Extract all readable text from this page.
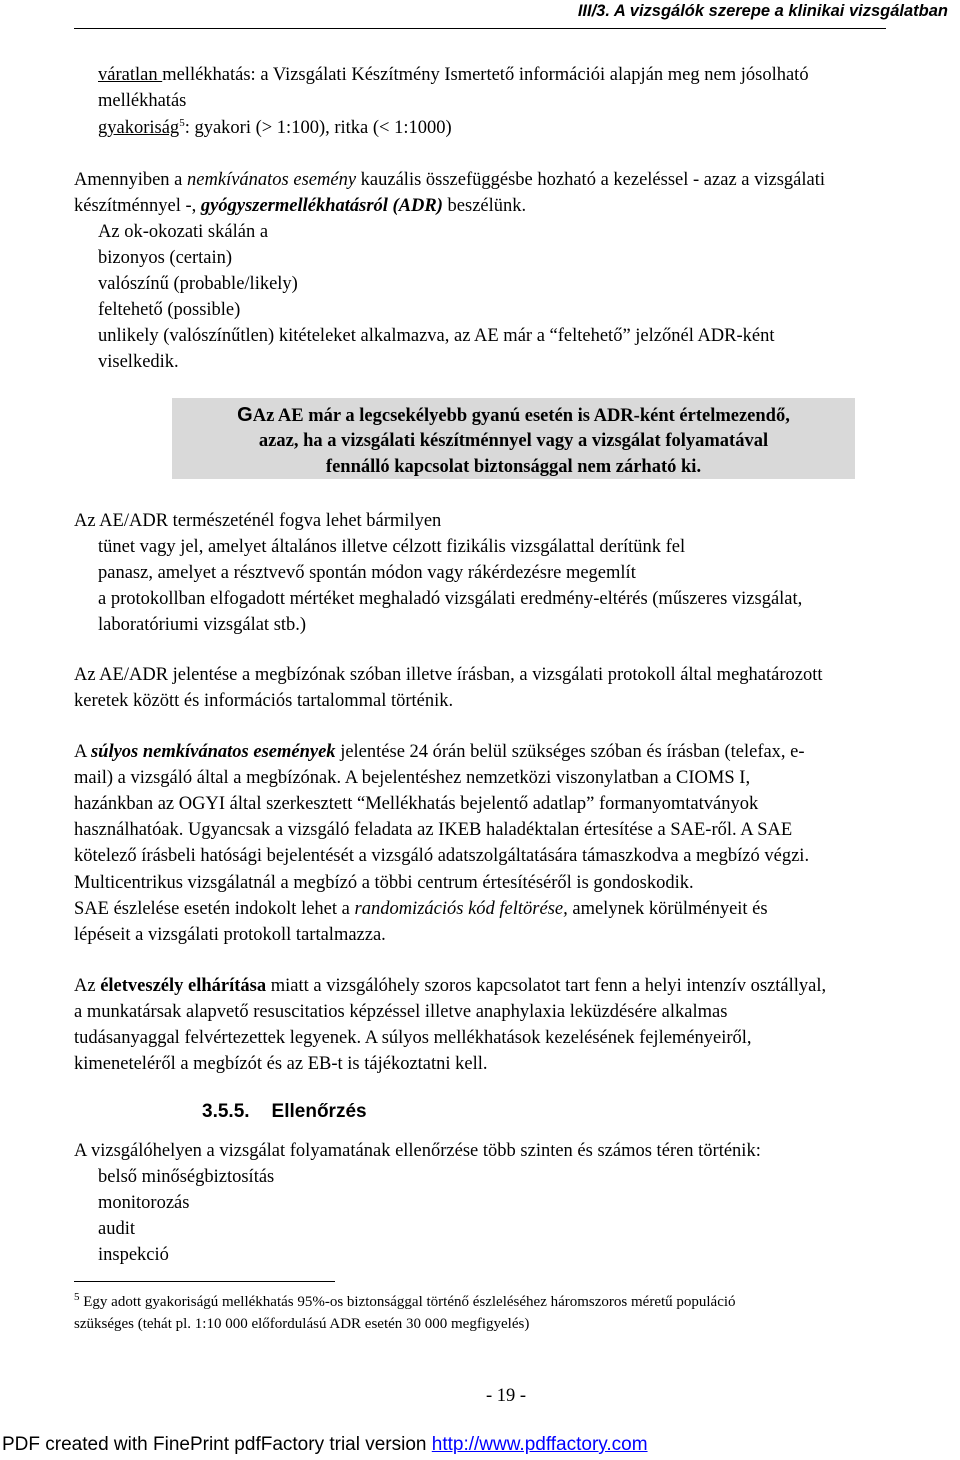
III/3. A vizsgálók szerepe a klinikai vizsgálatban
váratlan mellékhatás: a Vizsgálati Készítmény Ismertető információi alapján meg nem jósolható
mellékhatás
gyakoriság$^5$: gyakori (> 1:100), ritka (< 1:1000)
Amennyiben a nemkívánatos esemény kauzális összefüggésbe hozható a kezeléssel - azaz a vizsgálati
készítménnyel -, gyógyszermellékhatásról (ADR) beszélünk.
Az ok-okozati skálán a
bizonyos (certain)
valószínű (probable/likely)
feltehető (possible)
unlikely (valószínűtlen) kitételeket alkalmazva, az AE már a “feltehető” jelzőnél ADR-ként
viselkedik.
GAz AE már a legcsekélyebb gyanú esetén is ADR-ként értelmezendő,
azaz, ha a vizsgálati készítménnyel vagy a vizsgálat folyamatával
fennálló kapcsolat biztonsággal nem zárható ki.
Az AE/ADR természeténél fogva lehet bármilyen
tünet vagy jel, amelyet általános illetve célzott fizikális vizsgálattal derítünk fel
panasz, amelyet a résztvevő spontán módon vagy rákérdezésre megemlít
a protokollban elfogadott mértéket meghaladó vizsgálati eredmény-eltérés (műszeres vizsgálat,
laboratóriumi vizsgálat stb.)
Az AE/ADR jelentése a megbízónak szóban illetve írásban, a vizsgálati protokoll által meghatározott
keretek között és információs tartalommal történik.
A súlyos nemkívánatos események jelentése 24 órán belül szükséges szóban és írásban (telefax, e-
mail) a vizsgáló által a megbízónak. A bejelentéshez nemzetközi viszonylatban a CIOMS I,
hazánkban az OGYI által szerkesztett “Mellékhatás bejelentő adatlap” formanyomtatványok
használhatóak. Ugyancsak a vizsgáló feladata az IKEB haladéktalan értesítése a SAE-ről. A SAE
kötelező írásbeli hatósági bejelentését a vizsgáló adatszolgáltatására támaszkodva a megbízó végzi.
Multicentrikus vizsgálatnál a megbízó a többi centrum értesítéséről is gondoskodik.
SAE észlelése esetén indokolt lehet a randomizációs kód feltörése, amelynek körülményeit és
lépéseit a vizsgálati protokoll tartalmazza.
Az életveszély elhárítása miatt a vizsgálóhely szoros kapcsolatot tart fenn a helyi intenzív osztállyal,
a munkatársak alapvető resuscitatios képzéssel illetve anaphylaxia leküzdésére alkalmas
tudásanyaggal felvértezettek legyenek. A súlyos mellékhatások kezelésének fejleményeiről,
kimeneteléről a megbízót és az EB-t is tájékoztatni kell.
3.5.5. Ellenőrzés
A vizsgálóhelyen a vizsgálat folyamatának ellenőrzése több szinten és számos téren történik:
belső minőségbiztosítás
monitorozás
audit
inspekció
$^5$ Egy adott gyakoriságú mellékhatás 95%-os biztonsággal történő észleléséhez háromszoros méretű populáció
szükséges (tehát pl. 1:10 000 előfordulású ADR esetén 30 000 megfigyelés)
- 19 -
PDF created with FinePrint pdfFactory trial version http://www.pdffactory.com
